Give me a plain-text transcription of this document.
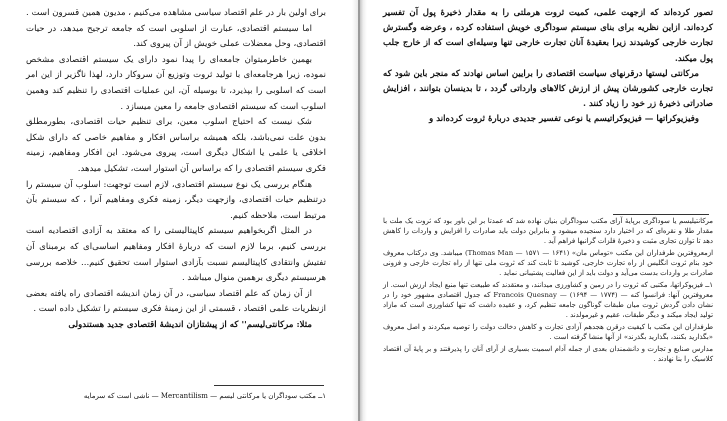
برای اولین بار در علم اقتصاد سیاسی مشاهده می‌کنیم ، مدیون همین قسرون است .

اما سیستم اقتصادی، عبارت از اسلوبی است که جامعه ترجیح میدهد، در حیات اقتصادی، وحل معضلات عملی خویش از آن پیروی کند.

بهمین خاطرمیتوان جامعه‌ای را پیدا نمود دارای یک سیستم اقتصادی مشخص نموده، زیرا هرجامعه‌ای با تولید ثروت وتوزیع آن سروکار دارد، لهذا ناگزیر از این امر است که اسلوبی را بپذیرد، تا بوسیله آن، این عملیات اقتصادی را تنظیم کند وهمین اسلوب است که سیستم اقتصادی جامعه را معین میسازد .

شک نیست که احتیاج اسلوب معین، برای تنظیم حیات اقتصادی، بطورمطلق بدون علت نمی‌باشد، بلکه همیشه براساس افکار و مفاهیم خاصی که دارای شکل اخلاقی یا علمی یا اشکال دیگری است، پیروی می‌شود. این افکار ومفاهیم، زمینه فکری سیستم اقتصادی را که براساس آن استوار است، تشکیل میدهد.

هنگام بررسی یک نوع سیستم اقتصادی، لازم است توجهت: اسلوب آن سیستم را درتنظیم حیات اقتصادی، وازجهت دیگر، زمینه فکری ومفاهیم آنرا ، که سیستم بآن مرتبط است، ملاحظه کنیم.

در المثل اگربخواهیم سیستم کاپیتالیستی را که معتقد به آزادی اقتصادیه است بررسی کنیم، برما لازم است که دربارهٔ افکار ومفاهیم اساسی‌ای که برمبنای آن تفتیش وانتقادی کاپیتالیسم نسبت بآزادی استوار است تحقیق کنیم... خلاصه بررسی هرسیستم دیگری برهمین منوال میباشد .

از آن زمان که علم اقتصاد سیاسی، در آن زمان اندیشه اقتصادی راه یافته بعضی ازنظریات علمی اقتصاد ، قسمتی از این زمینهٔ فکری سیستم را تشکیل داده است .

مثلا: مرکانتی‌لیسم'' که از پیشتازان اندیشهٔ اقتصادی جدید هستندولی

۱ــ مکتب سوداگران یا مرکانتی لیسم — Mercantilism — ناشی است که سرمایه

تصور کرده‌اند که ازجهت علمی، کمیت ثروت هرملتی را به مقدار ذخیرهٔ پول آن تفسیر کرده‌اند. ازاین نظریه برای بنای سیستم سوداگری خویش استفاده کرده ، وعرضه وگسترش تجارت خارجی کوشیدند زیرا بعقیدهٔ آنان تجارت خارجی تنها وسیله‌ای است که از خارج جلب پول میکند.

مرکانتی لیستها درقرنهای سیاست اقتصادی را برایین اساس نهادند که منجر باین شود که تجارت خارجی کشورشان پیش از ارزش کالاهای وارداتی گردد ، تا بدینسان بتوانند ، افزایش صادراتی ذخیرهٔ زر خود را زیاد کنند .

وفیزیوکراتها — فیزیوکراتیسم یا نوعی تفسیر جدیدی دربارهٔ ثروت کرده‌اند و

مرکانتیلیسم یا سوداگری برپایهٔ آرای مکتب سوداگران بنیان نهاده شد که عمدتا بر این باور بود که ثروت یک ملت با مقدار طلا و نقره‌ای که در اختیار دارد سنجیده میشود و بنابراین دولت باید صادرات را افزایش و واردات را کاهش دهد تا توازن تجاری مثبت و ذخیرهٔ فلزات گرانبها فراهم آید .

ازمعروفترین طرفداران این مکتب «توماس مان» (Thomas Man — ۱۵۷۱ — ۱۶۴۱) میباشد. وی درکتاب معروف خود بنام ثروت انگلیس از راه تجارت خارجی، کوشید تا ثابت کند که ثروت ملی تنها از راه تجارت خارجی و فزونی صادرات بر واردات بدست می‌آید و دولت باید از این فعالیت پشتیبانی نماید .

۱ــ فیزیوکراتها، مکتبی که ثروت را در زمین و کشاورزی میدانند، و معتقدند که طبیعت تنها منبع ایجاد ارزش است. از معروفترین آنها: فرانسوا کنه — Francois Quesnay — (۱۶۹۴ — ۱۷۷۴) که جدول اقتصادی مشهور خود را در نشان دادن گردش ثروت میان طبقات گوناگون جامعه تنظیم کرد، و عقیده داشت که تنها کشاورزی است که مازاد تولید ایجاد میکند و دیگر طبقات، عقیم و غیرمولدند .

طرفداران این مکتب با کیفیت درقرن هجدهم آزادی تجارت و کاهش دخالت دولت را توصیه میکردند و اصل معروف «بگذارید بکنند، بگذارید بگذرند» از آنها منشا گرفته است .

مدارس صنایع و تجارت و دانشمندان بعدی از جمله آدام اسمیت بسیاری از آرای آنان را پذیرفتند و بر پایهٔ آن اقتصاد کلاسیک را بنا نهادند .
